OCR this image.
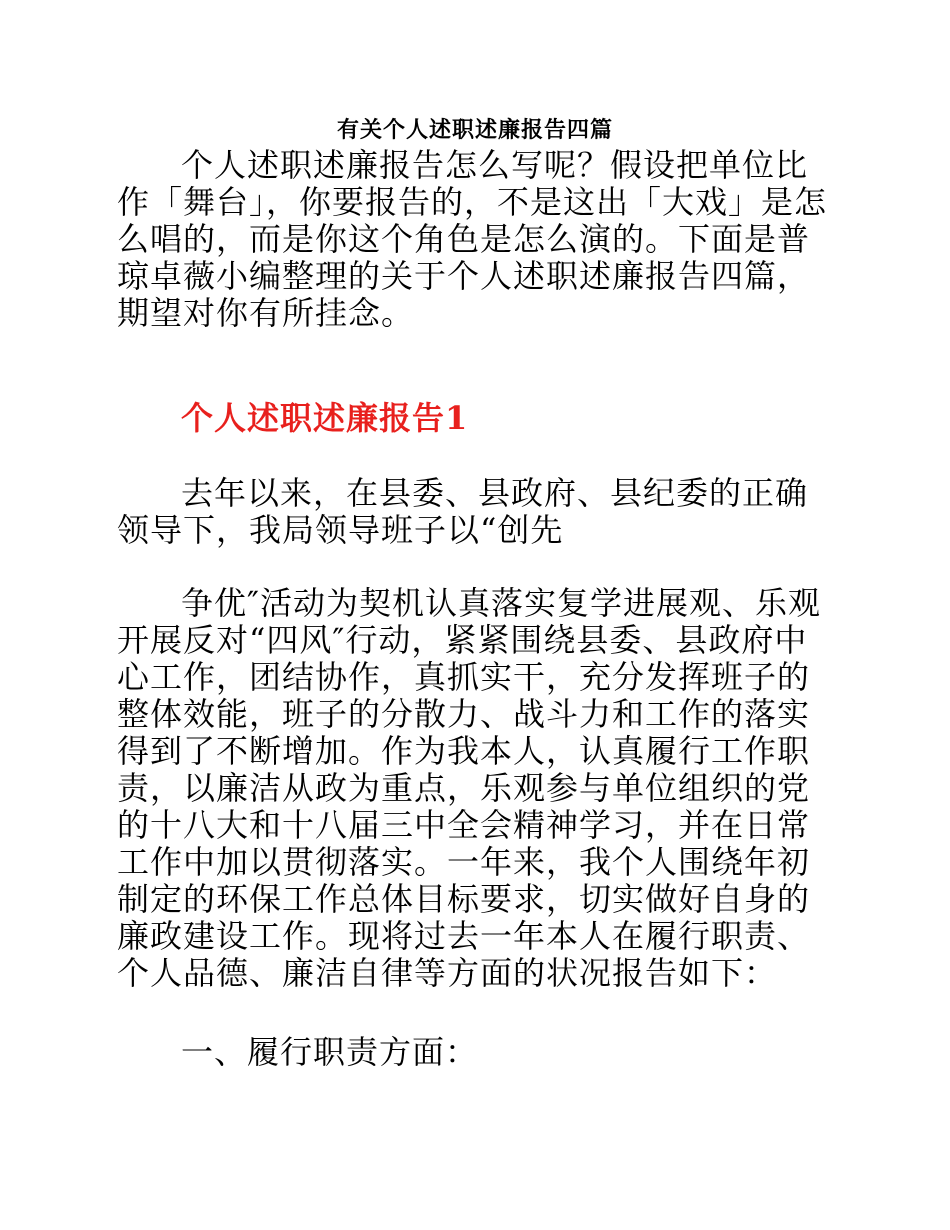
有关个人述职述廉报告四篇

个人述职述廉报告怎么写呢？假设把单位比作「舞台」，你要报告的，不是这出「大戏」是怎么唱的，而是你这个角色是怎么演的。下面是普琼卓薇小编整理的关于个人述职述廉报告四篇，期望对你有所挂念。

个人述职述廉报告1

去年以来，在县委、县政府、县纪委的正确领导下，我局领导班子以“创先

争优″活动为契机认真落实复学进展观、乐观开展反对“四风″行动，紧紧围绕县委、县政府中心工作，团结协作，真抓实干，充分发挥班子的整体效能，班子的分散力、战斗力和工作的落实得到了不断增加。作为我本人，认真履行工作职责，以廉洁从政为重点，乐观参与单位组织的党的十八大和十八届三中全会精神学习，并在日常工作中加以贯彻落实。一年来，我个人围绕年初制定的环保工作总体目标要求，切实做好自身的廉政建设工作。现将过去一年本人在履行职责、个人品德、廉洁自律等方面的状况报告如下：

一、履行职责方面：
